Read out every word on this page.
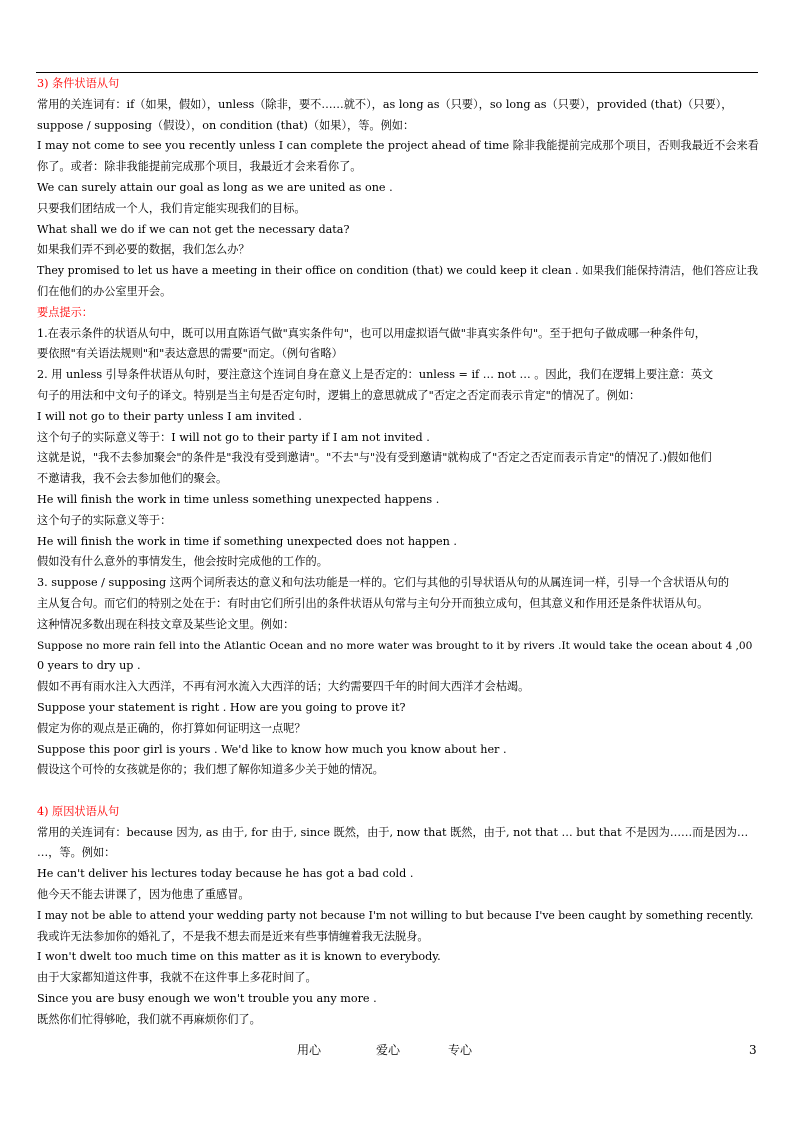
3) 条件状语从句

常用的关连词有：if（如果，假如），unless（除非，要不……就不），as long as（只要），so long as（只要），provided (that)（只要），

suppose / supposing（假设），on condition (that)（如果），等。例如：

I may not come to see you recently unless I can complete the project ahead of time 除非我能提前完成那个项目，否则我最近不会来看

你了。或者：除非我能提前完成那个项目，我最近才会来看你了。

We can surely attain our goal as long as we are united as one .

只要我们团结成一个人，我们肯定能实现我们的目标。

What shall we do if we can not get the necessary data?

如果我们弄不到必要的数据，我们怎么办？

They promised to let us have a meeting in their office on condition (that) we could keep it clean . 如果我们能保持清洁，他们答应让我

们在他们的办公室里开会。

要点提示：

1.在表示条件的状语从句中，既可以用直陈语气做"真实条件句"，也可以用虚拟语气做"非真实条件句"。至于把句子做成哪一种条件句，

要依照"有关语法规则"和"表达意思的需要"而定。（例句省略）

2. 用 unless 引导条件状语从句时，要注意这个连词自身在意义上是否定的：unless = if … not … 。因此，我们在逻辑上要注意：英文

句子的用法和中文句子的译文。特别是当主句是否定句时，逻辑上的意思就成了"否定之否定而表示肯定"的情况了。例如：

I will not go to their party unless I am invited .

这个句子的实际意义等于：I will not go to their party if I am not invited .

这就是说，"我不去参加聚会"的条件是"我没有受到邀请"。"不去"与"没有受到邀请"就构成了"否定之否定而表示肯定"的情况了.)假如他们

不邀请我，我不会去参加他们的聚会。

He will finish the work in time unless something unexpected happens .

这个句子的实际意义等于：

He will finish the work in time if something unexpected does not happen .

假如没有什么意外的事情发生，他会按时完成他的工作的。

3. suppose / supposing 这两个词所表达的意义和句法功能是一样的。它们与其他的引导状语从句的从属连词一样，引导一个含状语从句的

主从复合句。而它们的特别之处在于：有时由它们所引出的条件状语从句常与主句分开而独立成句，但其意义和作用还是条件状语从句。

这种情况多数出现在科技文章及某些论文里。例如：

Suppose no more rain fell into the Atlantic Ocean and no more water was brought to it by rivers .It would take the ocean about 4 ,00

0 years to dry up .

假如不再有雨水注入大西洋，不再有河水流入大西洋的话；大约需要四千年的时间大西洋才会枯竭。

Suppose your statement is right . How are you going to prove it?

假定为你的观点是正确的，你打算如何证明这一点呢？

Suppose this poor girl is yours . We'd like to know how much you know about her .

假设这个可怜的女孩就是你的；我们想了解你知道多少关于她的情况。

4) 原因状语从句

常用的关连词有：because 因为, as 由于, for 由于, since 既然，由于, now that 既然，由于, not that … but that 不是因为……而是因为…

…，等。例如：

He can't deliver his lectures today because he has got a bad cold .

他今天不能去讲课了，因为他患了重感冒。

I may not be able to attend your wedding party not because I'm not willing to but because I've been caught by something recently.

我或许无法参加你的婚礼了，不是我不想去而是近来有些事情缠着我无法脱身。

I won't dwelt too much time on this matter as it is known to everybody.

由于大家都知道这件事，我就不在这件事上多花时间了。

Since you are busy enough we won't trouble you any more .

既然你们忙得够呛，我们就不再麻烦你们了。

用心	爱心	专心	3
